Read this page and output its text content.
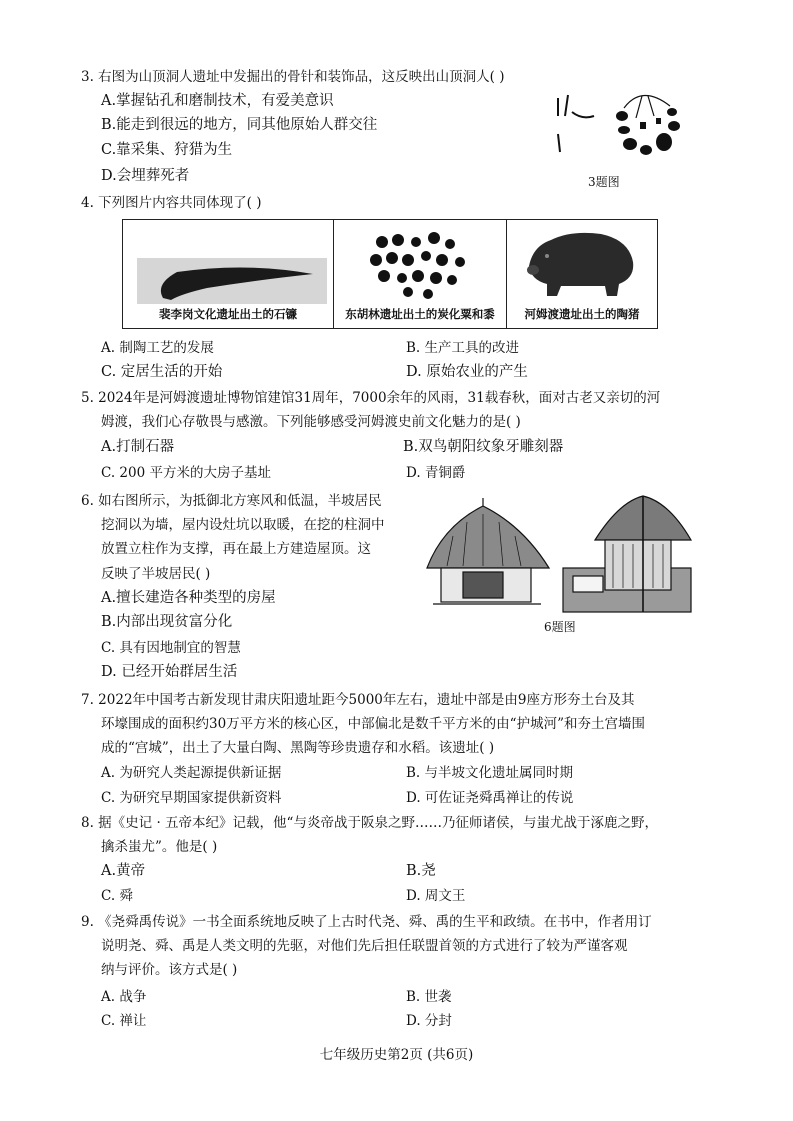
3. 右图为山顶洞人遗址中发掘出的骨针和装饰品，这反映出山顶洞人( )
A.掌握钻孔和磨制技术，有爱美意识
B.能走到很远的地方，同其他原始人群交往
C.靠采集、狩猎为生
D.会埋葬死者	3题图
4. 下列图片内容共同体现了( )
裴李岗文化遗址出土的石镰	东胡林遗址出土的炭化粟和黍	河姆渡遗址出土的陶猪
A. 制陶工艺的发展	B. 生产工具的改进
C. 定居生活的开始	D. 原始农业的产生
5. 2024年是河姆渡遗址博物馆建馆31周年，7000余年的风雨，31载春秋，面对古老又亲切的河
姆渡，我们心存敬畏与感激。下列能够感受河姆渡史前文化魅力的是( )
A.打制石器	B.双鸟朝阳纹象牙雕刻器
C. 200 平方米的大房子基址	D. 青铜爵
6. 如右图所示，为抵御北方寒风和低温，半坡居民
挖洞以为墙，屋内设灶坑以取暖，在挖的柱洞中
放置立柱作为支撑，再在最上方建造屋顶。这
反映了半坡居民( )
A.擅长建造各种类型的房屋
B.内部出现贫富分化
C. 具有因地制宜的智慧
D. 已经开始群居生活
6题图
7. 2022年中国考古新发现甘肃庆阳遗址距今5000年左右，遗址中部是由9座方形夯土台及其
环壕围成的面积约30万平方米的核心区，中部偏北是数千平方米的由“护城河”和夯土宫墙围
成的“宫城”，出土了大量白陶、黑陶等珍贵遗存和水稻。该遗址( )
A. 为研究人类起源提供新证据	B. 与半坡文化遗址属同时期
C. 为研究早期国家提供新资料	D. 可佐证尧舜禹禅让的传说
8. 据《史记 · 五帝本纪》记载，他“与炎帝战于阪泉之野……乃征师诸侯，与蚩尤战于涿鹿之野，
擒杀蚩尤”。他是( )
A.黄帝	B.尧
C. 舜	D. 周文王
9. 《尧舜禹传说》一书全面系统地反映了上古时代尧、舜、禹的生平和政绩。在书中，作者用订
说明尧、舜、禹是人类文明的先驱，对他们先后担任联盟首领的方式进行了较为严谨客观
纳与评价。该方式是( )
A. 战争	B. 世袭
C. 禅让	D. 分封
七年级历史第2页 (共6页)
